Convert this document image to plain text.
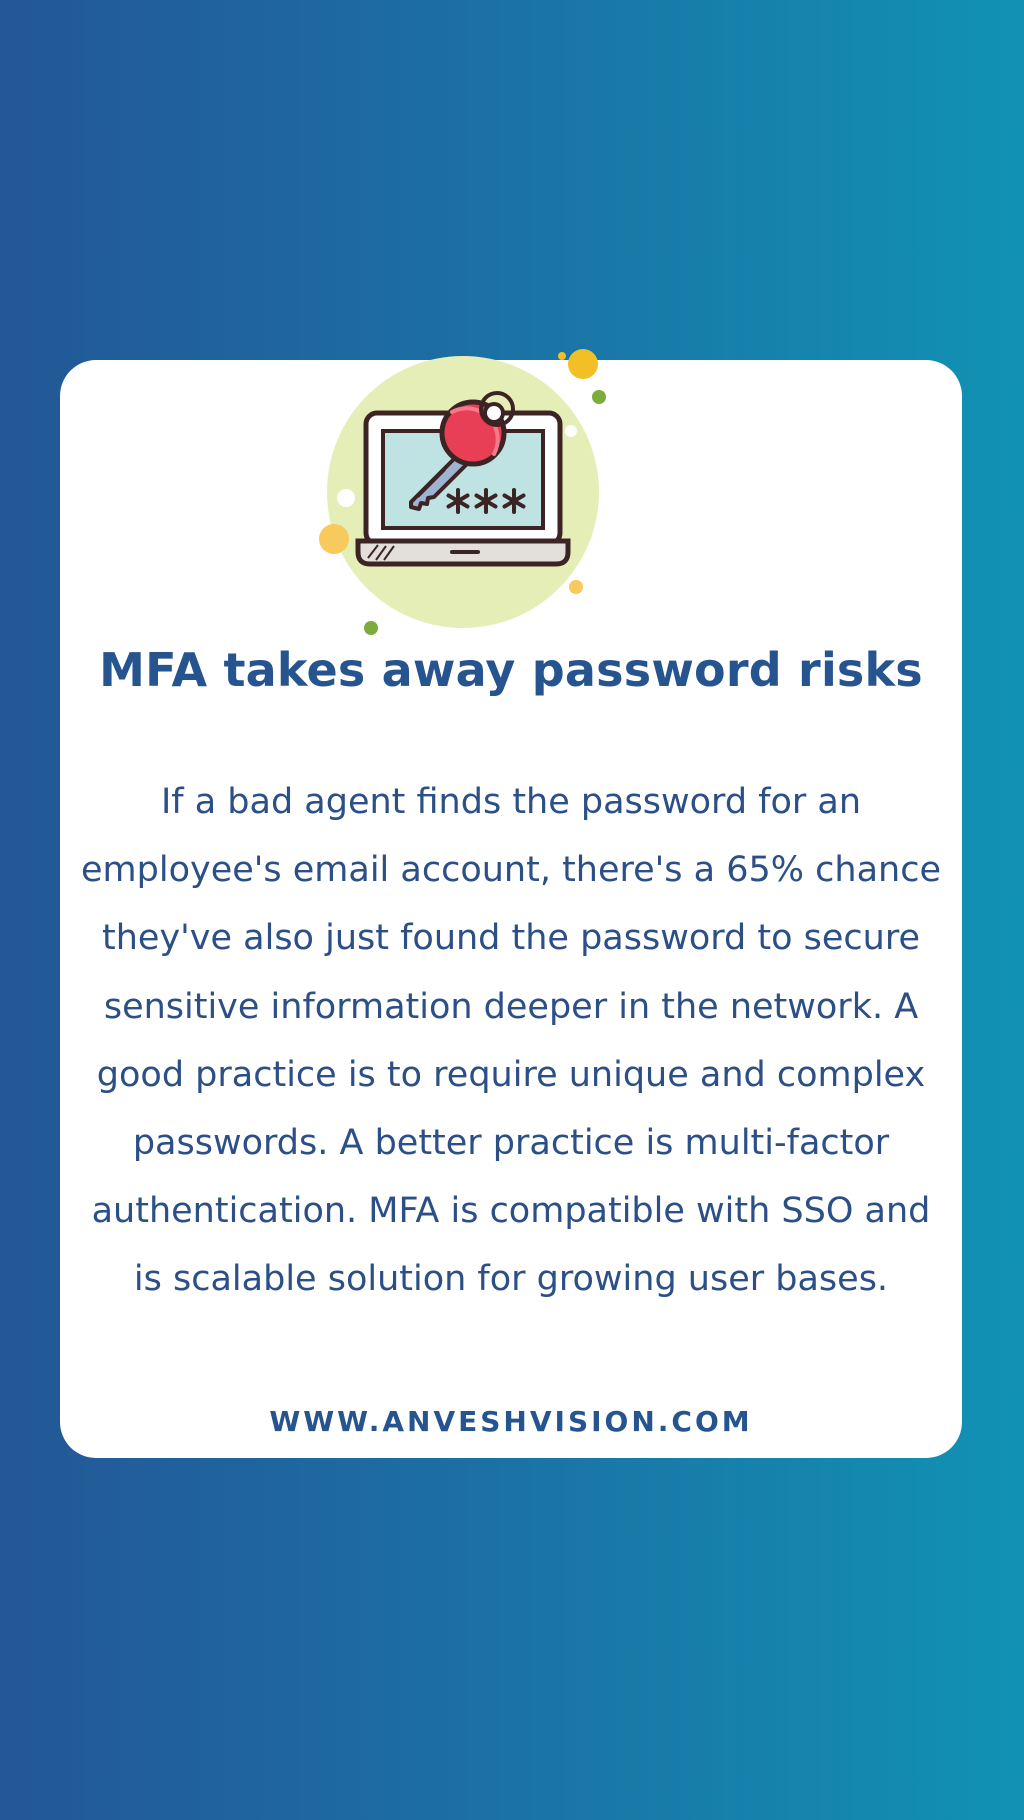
MFA takes away password risks

If a bad agent finds the password for an employee's email account, there's a 65% chance they've also just found the password to secure sensitive information deeper in the network. A good practice is to require unique and complex passwords. A better practice is multi-factor authentication. MFA is compatible with SSO and is scalable solution for growing user bases.

WWW.ANVESHVISION.COM
